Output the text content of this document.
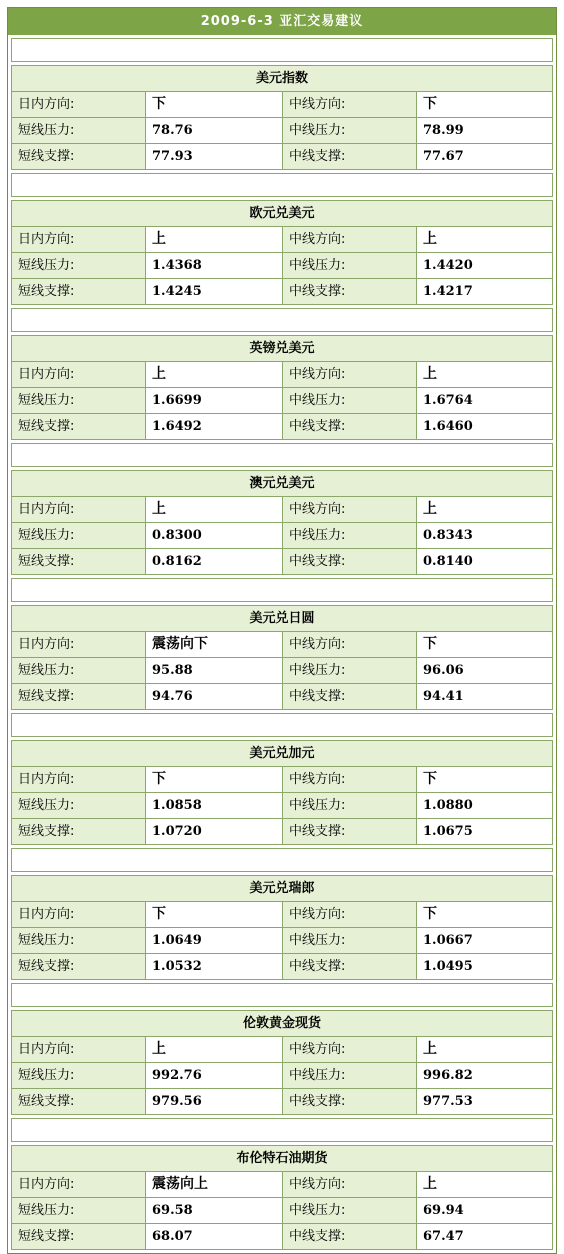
2009-6-3 亚汇交易建议
美元指数
日内方向:	下	中线方向:	下
短线压力:	78.76	中线压力:	78.99
短线支撑:	77.93	中线支撑:	77.67
欧元兑美元
日内方向:	上	中线方向:	上
短线压力:	1.4368	中线压力:	1.4420
短线支撑:	1.4245	中线支撑:	1.4217
英镑兑美元
日内方向:	上	中线方向:	上
短线压力:	1.6699	中线压力:	1.6764
短线支撑:	1.6492	中线支撑:	1.6460
澳元兑美元
日内方向:	上	中线方向:	上
短线压力:	0.8300	中线压力:	0.8343
短线支撑:	0.8162	中线支撑:	0.8140
美元兑日圆
日内方向:	震荡向下	中线方向:	下
短线压力:	95.88	中线压力:	96.06
短线支撑:	94.76	中线支撑:	94.41
美元兑加元
日内方向:	下	中线方向:	下
短线压力:	1.0858	中线压力:	1.0880
短线支撑:	1.0720	中线支撑:	1.0675
美元兑瑞郎
日内方向:	下	中线方向:	下
短线压力:	1.0649	中线压力:	1.0667
短线支撑:	1.0532	中线支撑:	1.0495
伦敦黄金现货
日内方向:	上	中线方向:	上
短线压力:	992.76	中线压力:	996.82
短线支撑:	979.56	中线支撑:	977.53
布伦特石油期货
日内方向:	震荡向上	中线方向:	上
短线压力:	69.58	中线压力:	69.94
短线支撑:	68.07	中线支撑:	67.47
